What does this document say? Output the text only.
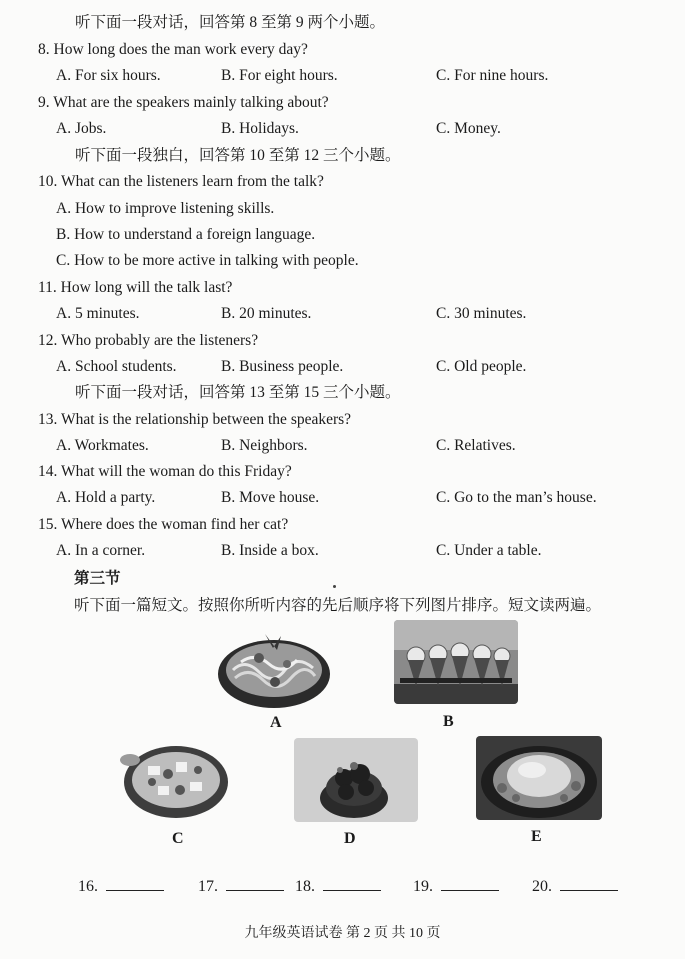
听下面一段对话，回答第 8 至第 9 两个小题。
8. How long does the man work every day?
A. For six hours.	B. For eight hours.	C. For nine hours.
9. What are the speakers mainly talking about?
A. Jobs.	B. Holidays.	C. Money.
听下面一段独白，回答第 10 至第 12 三个小题。
10. What can the listeners learn from the talk?
A. How to improve listening skills.
B. How to understand a foreign language.
C. How to be more active in talking with people.
11. How long will the talk last?
A. 5 minutes.	B. 20 minutes.	C. 30 minutes.
12. Who probably are the listeners?
A. School students.	B. Business people.	C. Old people.
听下面一段对话，回答第 13 至第 15 三个小题。
13. What is the relationship between the speakers?
A. Workmates.	B. Neighbors.	C. Relatives.
14. What will the woman do this Friday?
A. Hold a party.	B. Move house.	C. Go to the man’s house.
15. Where does the woman find her cat?
A. In a corner.	B. Inside a box.	C. Under a table.
第三节
听下面一篇短文。按照你所听内容的先后顺序将下列图片排序。短文读两遍。
A	B
C	D	E
16.	17.	18.	19.	20.
九年级英语试卷 第 2 页 共 10 页
